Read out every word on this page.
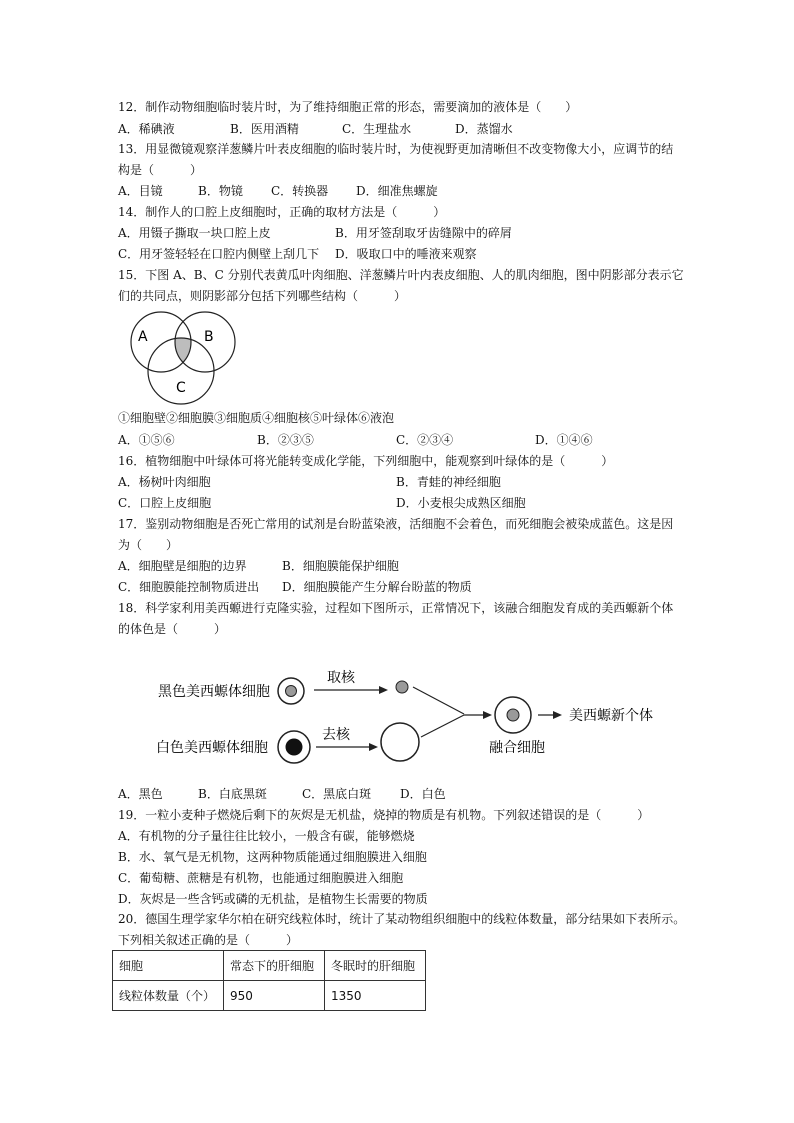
12．制作动物细胞临时装片时，为了维持细胞正常的形态，需要滴加的液体是（　　）
A．稀碘液	B．医用酒精	C．生理盐水	D．蒸馏水
13．用显微镜观察洋葱鳞片叶表皮细胞的临时装片时，为使视野更加清晰但不改变物像大小，应调节的结
构是（　　　）
A．目镜	B．物镜 C．转换器 D．细准焦螺旋
14．制作人的口腔上皮细胞时，正确的取材方法是（　　　）
A．用镊子撕取一块口腔上皮	B．用牙签刮取牙齿缝隙中的碎屑
C．用牙签轻轻在口腔内侧壁上刮几下 D．吸取口中的唾液来观察
15．下图 A、B、C 分别代表黄瓜叶肉细胞、洋葱鳞片叶内表皮细胞、人的肌肉细胞，图中阴影部分表示它
们的共同点，则阴影部分包括下列哪些结构（　　　）
A	B
C
①细胞壁②细胞膜③细胞质④细胞核⑤叶绿体⑥液泡
A．①⑤⑥	B．②③⑤	C．②③④	D．①④⑥
16．植物细胞中叶绿体可将光能转变成化学能，下列细胞中，能观察到叶绿体的是（　　　）
A．杨树叶肉细胞	B．青蛙的神经细胞
C．口腔上皮细胞	D．小麦根尖成熟区细胞
17．鉴别动物细胞是否死亡常用的试剂是台盼蓝染液，活细胞不会着色，而死细胞会被染成蓝色。这是因
为（　　）
A．细胞壁是细胞的边界	B．细胞膜能保护细胞
C．细胞膜能控制物质进出 D．细胞膜能产生分解台盼蓝的物质
18．科学家利用美西螈进行克隆实验，过程如下图所示，正常情况下，该融合细胞发育成的美西螈新个体
的体色是（　　　）
黑色美西螈体细胞
取核
白色美西螈体细胞
去核
融合细胞
美西螈新个体
A．黑色	B．白底黑斑	C．黑底白斑 D．白色
19．一粒小麦种子燃烧后剩下的灰烬是无机盐，烧掉的物质是有机物。下列叙述错误的是（　　　）
A．有机物的分子量往往比较小，一般含有碳，能够燃烧
B．水、氧气是无机物，这两种物质能通过细胞膜进入细胞
C．葡萄糖、蔗糖是有机物，也能通过细胞膜进入细胞
D．灰烬是一些含钙或磷的无机盐，是植物生长需要的物质
20．德国生理学家华尔柏在研究线粒体时，统计了某动物组织细胞中的线粒体数量，部分结果如下表所示。
下列相关叙述正确的是（　　　）
细胞	常态下的肝细胞	冬眠时的肝细胞
线粒体数量（个）	950	1350
